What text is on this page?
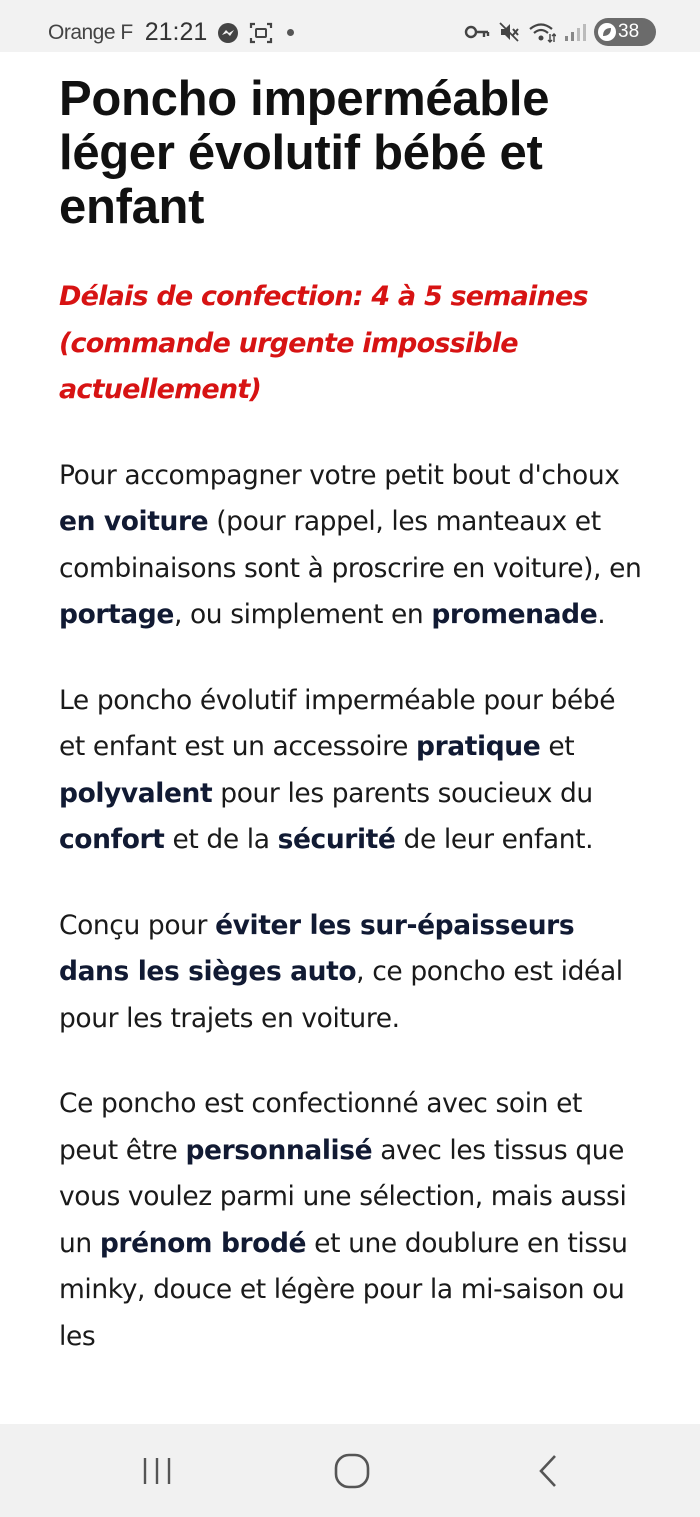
Orange F 21:21	38
Poncho imperméable léger évolutif bébé et enfant
Délais de confection: 4 à 5 semaines (commande urgente impossible actuellement)

Pour accompagner votre petit bout d'choux en voiture (pour rappel, les manteaux et combinaisons sont à proscrire en voiture), en portage, ou simplement en promenade.

Le poncho évolutif imperméable pour bébé et enfant est un accessoire pratique et polyvalent pour les parents soucieux du confort et de la sécurité de leur enfant.

Conçu pour éviter les sur-épaisseurs dans les sièges auto, ce poncho est idéal pour les trajets en voiture.

Ce poncho est confectionné avec soin et peut être personnalisé avec les tissus que vous voulez parmi une sélection, mais aussi un prénom brodé et une doublure en tissu minky, douce et légère pour la mi-saison ou les
